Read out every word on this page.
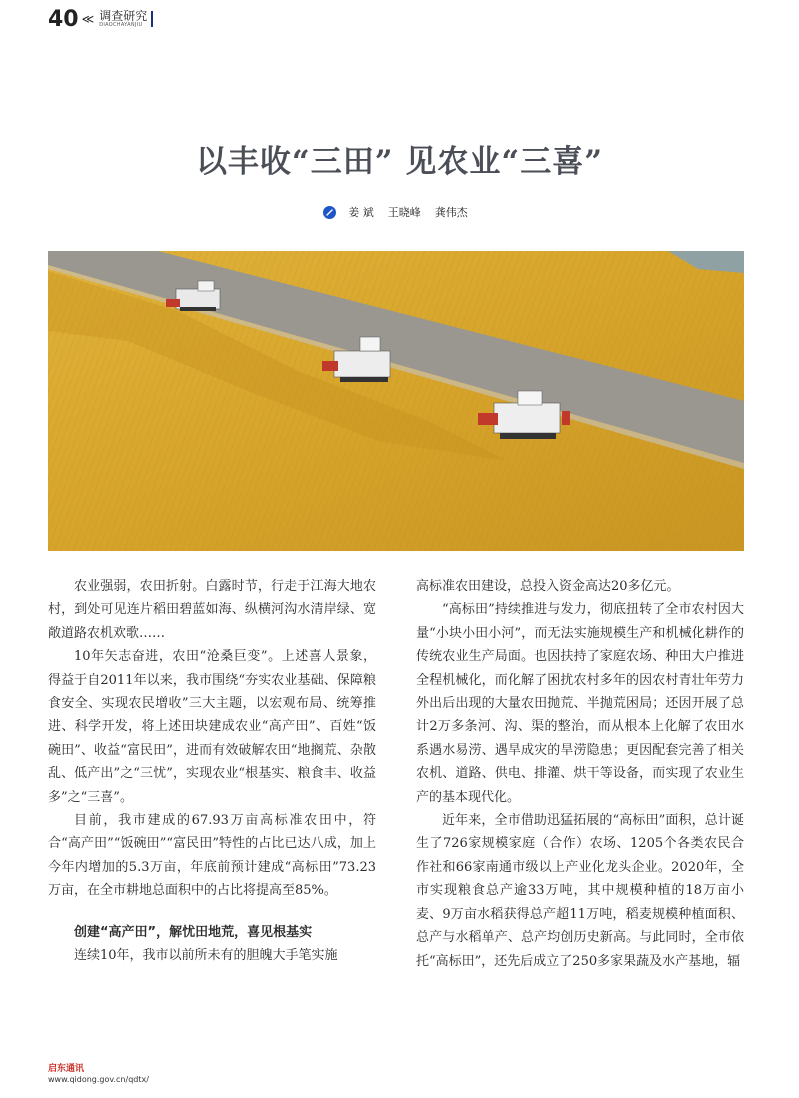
40 ≪ 调查研究
DIAOCHAYANJIU
以丰收“三田” 见农业“三喜”
姜 斌 王晓峰 龚伟杰

农业强弱，农田折射。白露时节，行走于江海大地农村，到处可见连片稻田碧蓝如海、纵横河沟水清岸绿、宽敞道路农机欢歌……

10年矢志奋进，农田“沧桑巨变”。上述喜人景象，得益于自2011年以来，我市围绕“夯实农业基础、保障粮食安全、实现农民增收”三大主题，以宏观布局、统筹推进、科学开发，将上述田块建成农业“高产田”、百姓“饭碗田”、收益“富民田”，进而有效破解农田“地搁荒、杂散乱、低产出”之“三忧”，实现农业“根基实、粮食丰、收益多”之“三喜”。

目前，我市建成的67.93万亩高标准农田中，符合“高产田”“饭碗田”“富民田”特性的占比已达八成，加上今年内增加的5.3万亩，年底前预计建成“高标田”73.23万亩，在全市耕地总面积中的占比将提高至85%。

创建“高产田”，解忧田地荒，喜见根基实

连续10年，我市以前所未有的胆魄大手笔实施

高标准农田建设，总投入资金高达20多亿元。

“高标田”持续推进与发力，彻底扭转了全市农村因大量“小块小田小河”，而无法实施规模生产和机械化耕作的传统农业生产局面。也因扶持了家庭农场、种田大户推进全程机械化，而化解了困扰农村多年的因农村青壮年劳力外出后出现的大量农田抛荒、半抛荒困局；还因开展了总计2万多条河、沟、渠的整治，而从根本上化解了农田水系遇水易涝、遇旱成灾的旱涝隐患；更因配套完善了相关农机、道路、供电、排灌、烘干等设备，而实现了农业生产的基本现代化。

近年来，全市借助迅猛拓展的“高标田”面积，总计诞生了726家规模家庭（合作）农场、1205个各类农民合作社和66家南通市级以上产业化龙头企业。2020年，全市实现粮食总产逾33万吨，其中规模种植的18万亩小麦、9万亩水稻获得总产超11万吨，稻麦规模种植面积、总产与水稻单产、总产均创历史新高。与此同时，全市依托“高标田”，还先后成立了250多家果蔬及水产基地，辐

启东通讯
www.qidong.gov.cn/qdtx/
